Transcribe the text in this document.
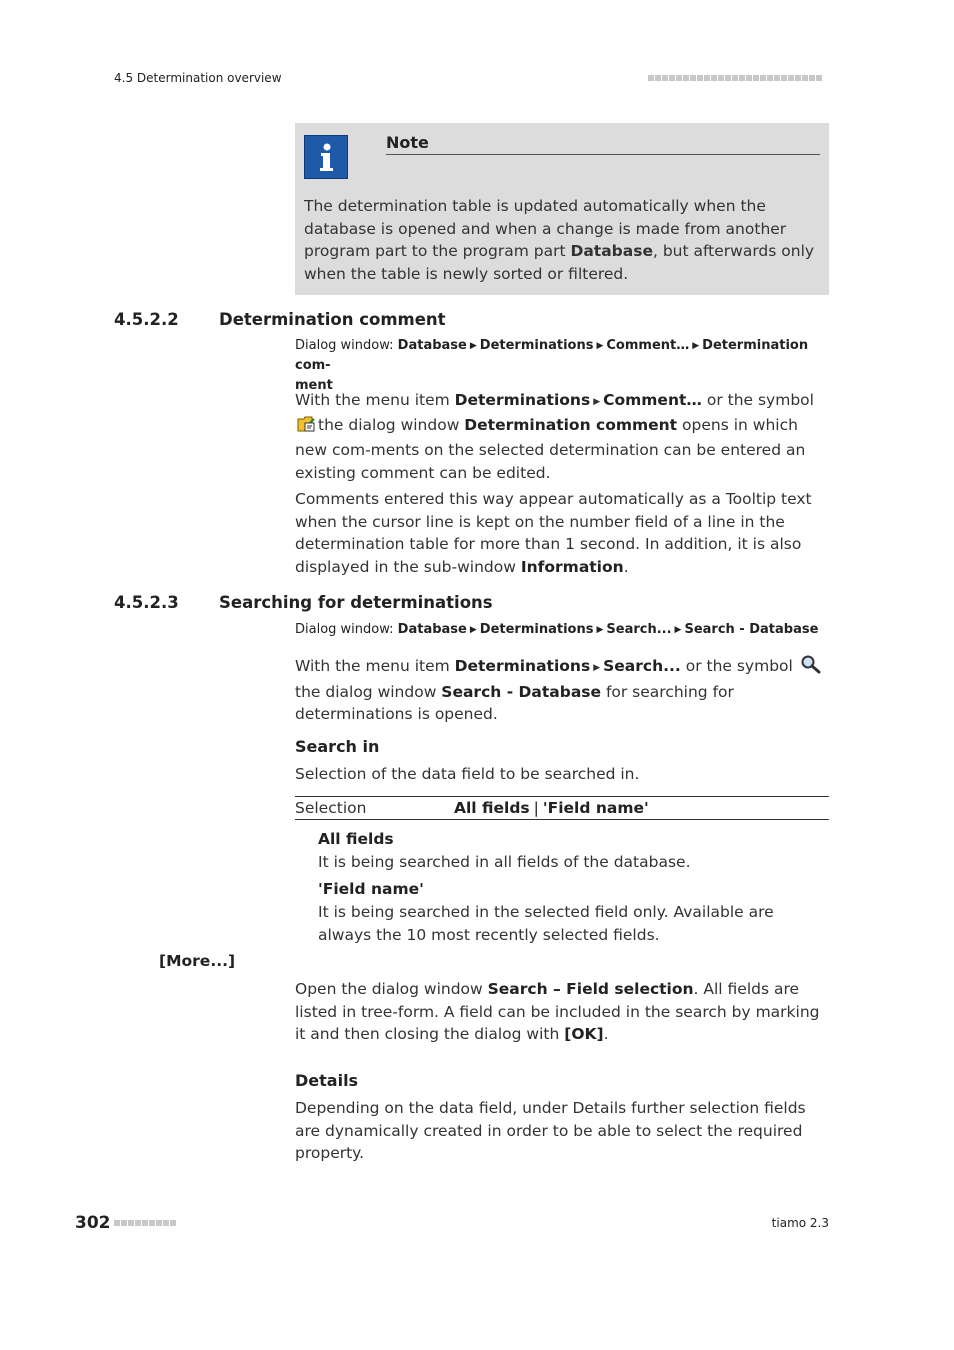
4.5 Determination overview
Note
The determination table is updated automatically when the database is opened and when a change is made from another program part to the program part Database, but afterwards only when the table is newly sorted or filtered.
4.5.2.2 Determination comment
Dialog window: Database ▶ Determinations ▶ Comment… ▶ Determination com-
ment
With the menu item Determinations ▶ Comment… or the symbol the dialog window Determination comment opens in which new com-ments on the selected determination can be entered an existing comment can be edited.
Comments entered this way appear automatically as a Tooltip text when the cursor line is kept on the number field of a line in the determination table for more than 1 second. In addition, it is also displayed in the sub-window Information.
4.5.2.3 Searching for determinations
Dialog window: Database ▶ Determinations ▶ Search... ▶ Search - Database
With the menu item Determinations ▶ Search... or the symbol  the dialog window Search - Database for searching for determinations is opened.
Search in
Selection of the data field to be searched in.
Selection	All fields | 'Field name'
All fields
It is being searched in all fields of the database.
'Field name'
It is being searched in the selected field only. Available are always the 10 most recently selected fields.
[More...]
Open the dialog window Search – Field selection. All fields are listed in tree-form. A field can be included in the search by marking it and then closing the dialog with [OK].
Details
Depending on the data field, under Details further selection fields are dynamically created in order to be able to select the required property.
302	tiamo 2.3
